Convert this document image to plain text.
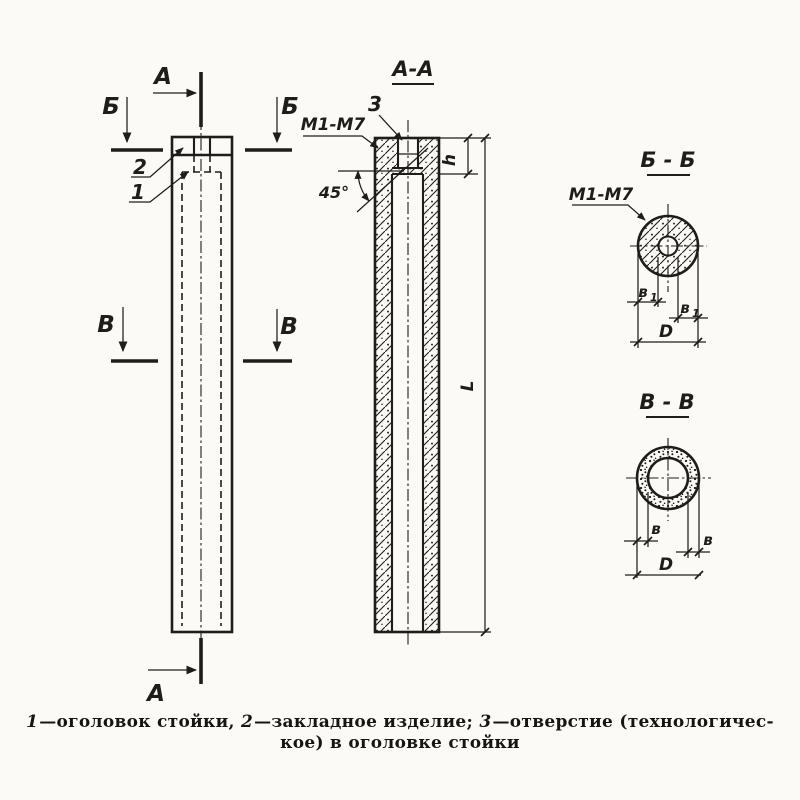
А
А
Б	Б
В	В
2
1
А-А
3
М1-М7
45°
h
L
Б - Б
М1-М7
в 1
в 1
D
В - В
в
в
D
1—оголовок стойки, 2—закладное изделие; 3—отверстие (технологичес-
кое) в оголовке стойки
